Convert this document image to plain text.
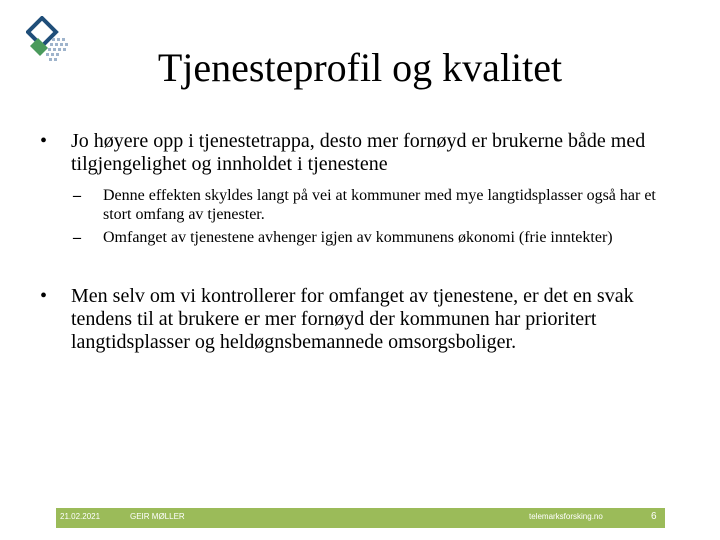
Tjenesteprofil og kvalitet
• Jo høyere opp i tjenestetrappa, desto mer fornøyd er brukerne både med tilgjengelighet og innholdet i tjenestene
– Denne effekten skyldes langt på vei at kommuner med mye langtidsplasser også har et stort omfang av tjenester.
– Omfanget av tjenestene avhenger igjen av kommunens økonomi (frie inntekter)
• Men selv om vi kontrollerer for omfanget av tjenestene, er det en svak tendens til at brukere er mer fornøyd der kommunen har prioritert langtidsplasser og heldøgnsbemannede omsorgsboliger.
21.02.2021	GEIR MØLLER	telemarksforsking.no	6
